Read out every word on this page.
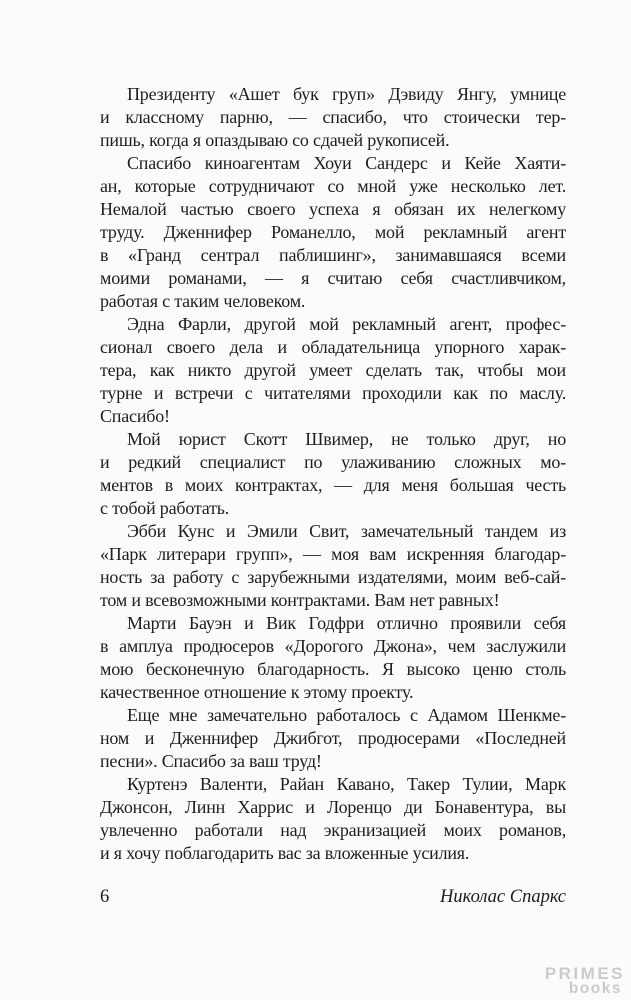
Президенту «Ашет бук груп» Дэвиду Янгу, умнице
и классному парню, — спасибо, что стоически тер-
пишь, когда я опаздываю со сдачей рукописей.
Спасибо киноагентам Хоуи Сандерс и Кейе Хаяти-
ан, которые сотрудничают со мной уже несколько лет.
Немалой частью своего успеха я обязан их нелегкому
труду. Дженнифер Романелло, мой рекламный агент
в «Гранд сентрал паблишинг», занимавшаяся всеми
моими романами, — я считаю себя счастливчиком,
работая с таким человеком.
Эдна Фарли, другой мой рекламный агент, профес-
сионал своего дела и обладательница упорного харак-
тера, как никто другой умеет сделать так, чтобы мои
турне и встречи с читателями проходили как по маслу.
Спасибо!
Мой юрист Скотт Швимер, не только друг, но
и редкий специалист по улаживанию сложных мо-
ментов в моих контрактах, — для меня большая честь
с тобой работать.
Эбби Кунс и Эмили Свит, замечательный тандем из
«Парк литерари групп», — моя вам искренняя благодар-
ность за работу с зарубежными издателями, моим веб-сай-
том и всевозможными контрактами. Вам нет равных!
Марти Бауэн и Вик Годфри отлично проявили себя
в амплуа продюсеров «Дорогого Джона», чем заслужили
мою бесконечную благодарность. Я высоко ценю столь
качественное отношение к этому проекту.
Еще мне замечательно работалось с Адамом Шенкме-
ном и Дженнифер Джибгот, продюсерами «Последней
песни». Спасибо за ваш труд!
Куртенэ Валенти, Райан Кавано, Такер Тулии, Марк
Джонсон, Линн Харрис и Лоренцо ди Бонавентура, вы
увлеченно работали над экранизацией моих романов,
и я хочу поблагодарить вас за вложенные усилия.
6	Николас Спаркс
PRIMES
books
